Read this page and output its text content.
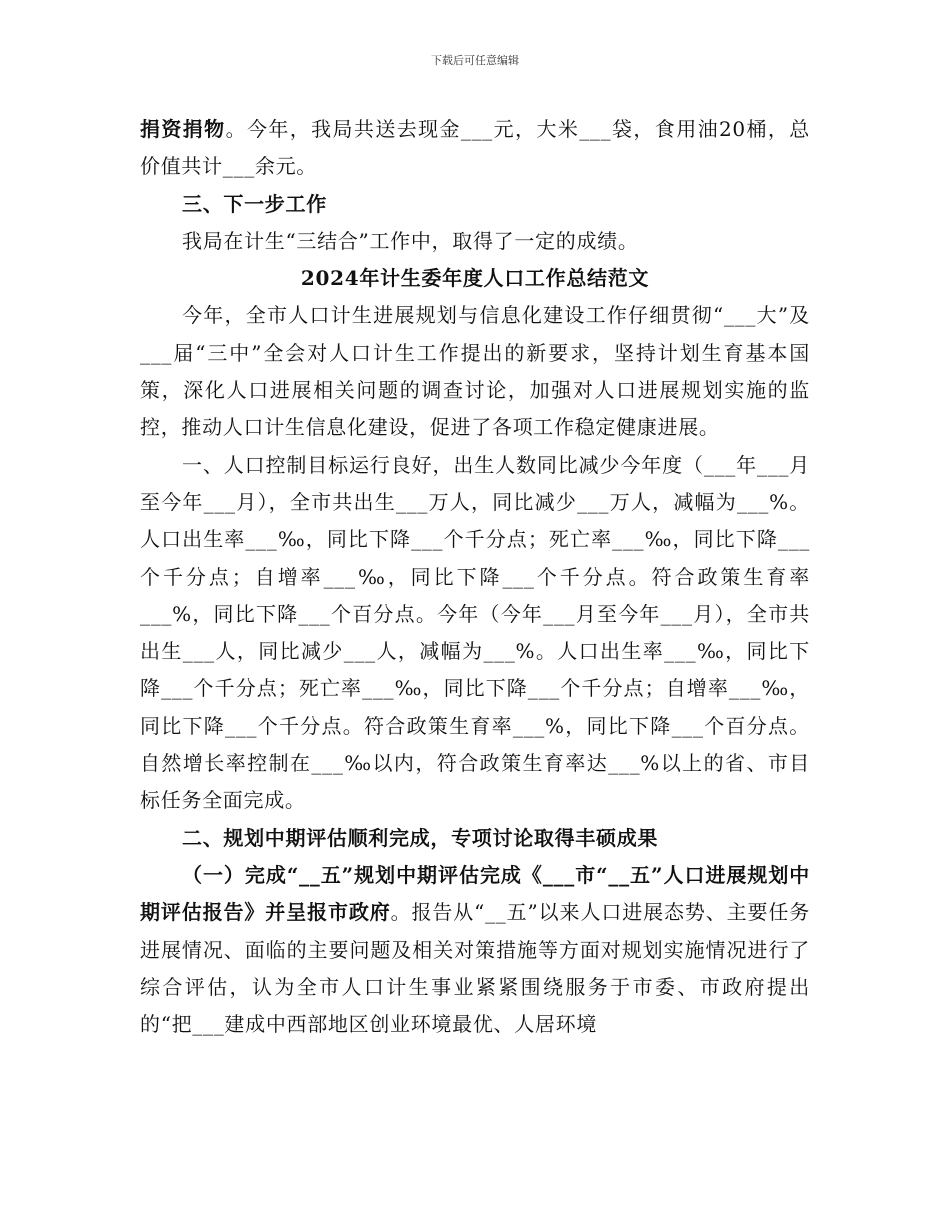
下载后可任意编辑

捐资捐物。今年，我局共送去现金___元，大米___袋，食用油20桶，总价值共计___余元。

三、下一步工作

我局在计生“三结合”工作中，取得了一定的成绩。

2024年计生委年度人口工作总结范文

今年，全市人口计生进展规划与信息化建设工作仔细贯彻“___大”及___届“三中”全会对人口计生工作提出的新要求，坚持计划生育基本国策，深化人口进展相关问题的调查讨论，加强对人口进展规划实施的监控，推动人口计生信息化建设，促进了各项工作稳定健康进展。

一、人口控制目标运行良好，出生人数同比减少今年度（___年___月至今年___月），全市共出生___万人，同比减少___万人，减幅为___%。人口出生率___‰，同比下降___个千分点；死亡率___‰，同比下降___个千分点；自增率___‰，同比下降___个千分点。符合政策生育率___%，同比下降___个百分点。今年（今年___月至今年___月），全市共出生___人，同比减少___人，减幅为___%。人口出生率___‰，同比下降___个千分点；死亡率___‰，同比下降___个千分点；自增率___‰，同比下降___个千分点。符合政策生育率___%，同比下降___个百分点。自然增长率控制在___‰以内，符合政策生育率达___%以上的省、市目标任务全面完成。

二、规划中期评估顺利完成，专项讨论取得丰硕成果

（一）完成“__五”规划中期评估完成《___市“__五”人口进展规划中期评估报告》并呈报市政府。报告从“__五”以来人口进展态势、主要任务进展情况、面临的主要问题及相关对策措施等方面对规划实施情况进行了综合评估，认为全市人口计生事业紧紧围绕服务于市委、市政府提出的“把___建成中西部地区创业环境最优、人居环境
